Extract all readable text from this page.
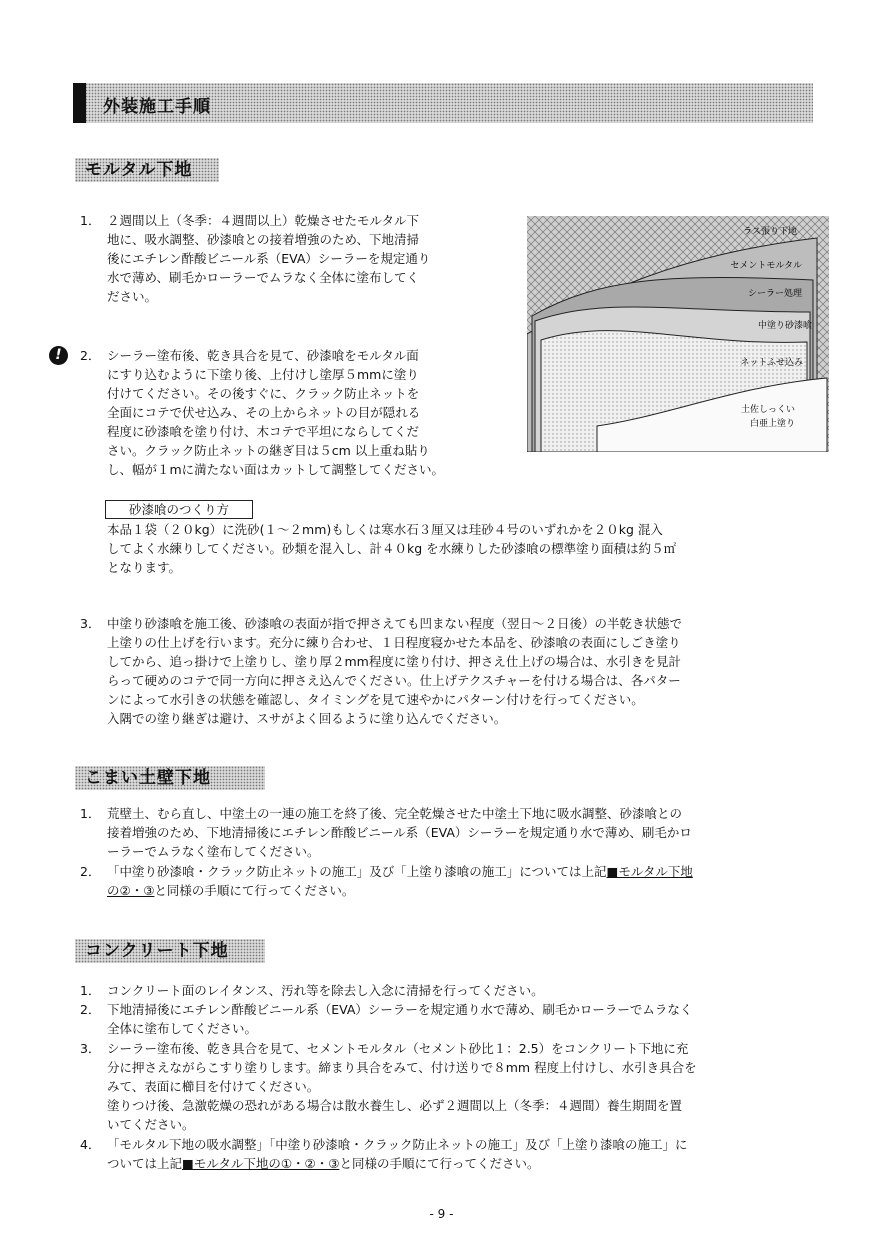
外装施工手順
モルタル下地
1． ２週間以上（冬季：４週間以上）乾燥させたモルタル下
地に、吸水調整、砂漆喰との接着増強のため、下地清掃
後にエチレン酢酸ビニール系（EVA）シーラーを規定通り
水で薄め、刷毛かローラーでムラなく全体に塗布してく
ださい。
!	2． シーラー塗布後、乾き具合を見て、砂漆喰をモルタル面
にすり込むように下塗り後、上付けし塗厚５mmに塗り
付けてください。その後すぐに、クラック防止ネットを
全面にコテで伏せ込み、その上からネットの目が隠れる
程度に砂漆喰を塗り付け、木コテで平坦にならしてくだ
さい。クラック防止ネットの継ぎ目は５cm 以上重ね貼り
し、幅が１mに満たない面はカットして調整してください。
ラス張り下地
セメントモルタル
シーラー処理
中塗り砂漆喰
ネットふせ込み
土佐しっくい
白亜上塗り
砂漆喰のつくり方
本品１袋（２０kg）に洗砂(１～２mm)もしくは寒水石３厘又は珪砂４号のいずれかを２０kg 混入
してよく水練りしてください。砂類を混入し、計４０kg を水練りした砂漆喰の標準塗り面積は約５㎡
となります。
3． 中塗り砂漆喰を施工後、砂漆喰の表面が指で押さえても凹まない程度（翌日～２日後）の半乾き状態で
上塗りの仕上げを行います。充分に練り合わせ、１日程度寝かせた本品を、砂漆喰の表面にしごき塗り
してから、追っ掛けで上塗りし、塗り厚２mm程度に塗り付け、押さえ仕上げの場合は、水引きを見計
らって硬めのコテで同一方向に押さえ込んでください。仕上げテクスチャーを付ける場合は、各パター
ンによって水引きの状態を確認し、タイミングを見て速やかにパターン付けを行ってください。
入隅での塗り継ぎは避け、スサがよく回るように塗り込んでください。
こまい土壁下地
1． 荒壁土、むら直し、中塗土の一連の施工を終了後、完全乾燥させた中塗土下地に吸水調整、砂漆喰との
接着増強のため、下地清掃後にエチレン酢酸ビニール系（EVA）シーラーを規定通り水で薄め、刷毛かロ
ーラーでムラなく塗布してください。
2． 「中塗り砂漆喰・クラック防止ネットの施工」及び「上塗り漆喰の施工」については上記■モルタル下地
の②・③と同様の手順にて行ってください。
コンクリート下地
1． コンクリート面のレイタンス、汚れ等を除去し入念に清掃を行ってください。
2． 下地清掃後にエチレン酢酸ビニール系（EVA）シーラーを規定通り水で薄め、刷毛かローラーでムラなく
全体に塗布してください。
3． シーラー塗布後、乾き具合を見て、セメントモルタル（セメント砂比１：2.5）をコンクリート下地に充
分に押さえながらこすり塗りします。締まり具合をみて、付け送りで８mm 程度上付けし、水引き具合を
みて、表面に櫛目を付けてください。
塗りつけ後、急激乾燥の恐れがある場合は散水養生し、必ず２週間以上（冬季：４週間）養生期間を置
いてください。
4． 「モルタル下地の吸水調整」「中塗り砂漆喰・クラック防止ネットの施工」及び「上塗り漆喰の施工」に
ついては上記■モルタル下地の①・②・③と同様の手順にて行ってください。
- 9 -
